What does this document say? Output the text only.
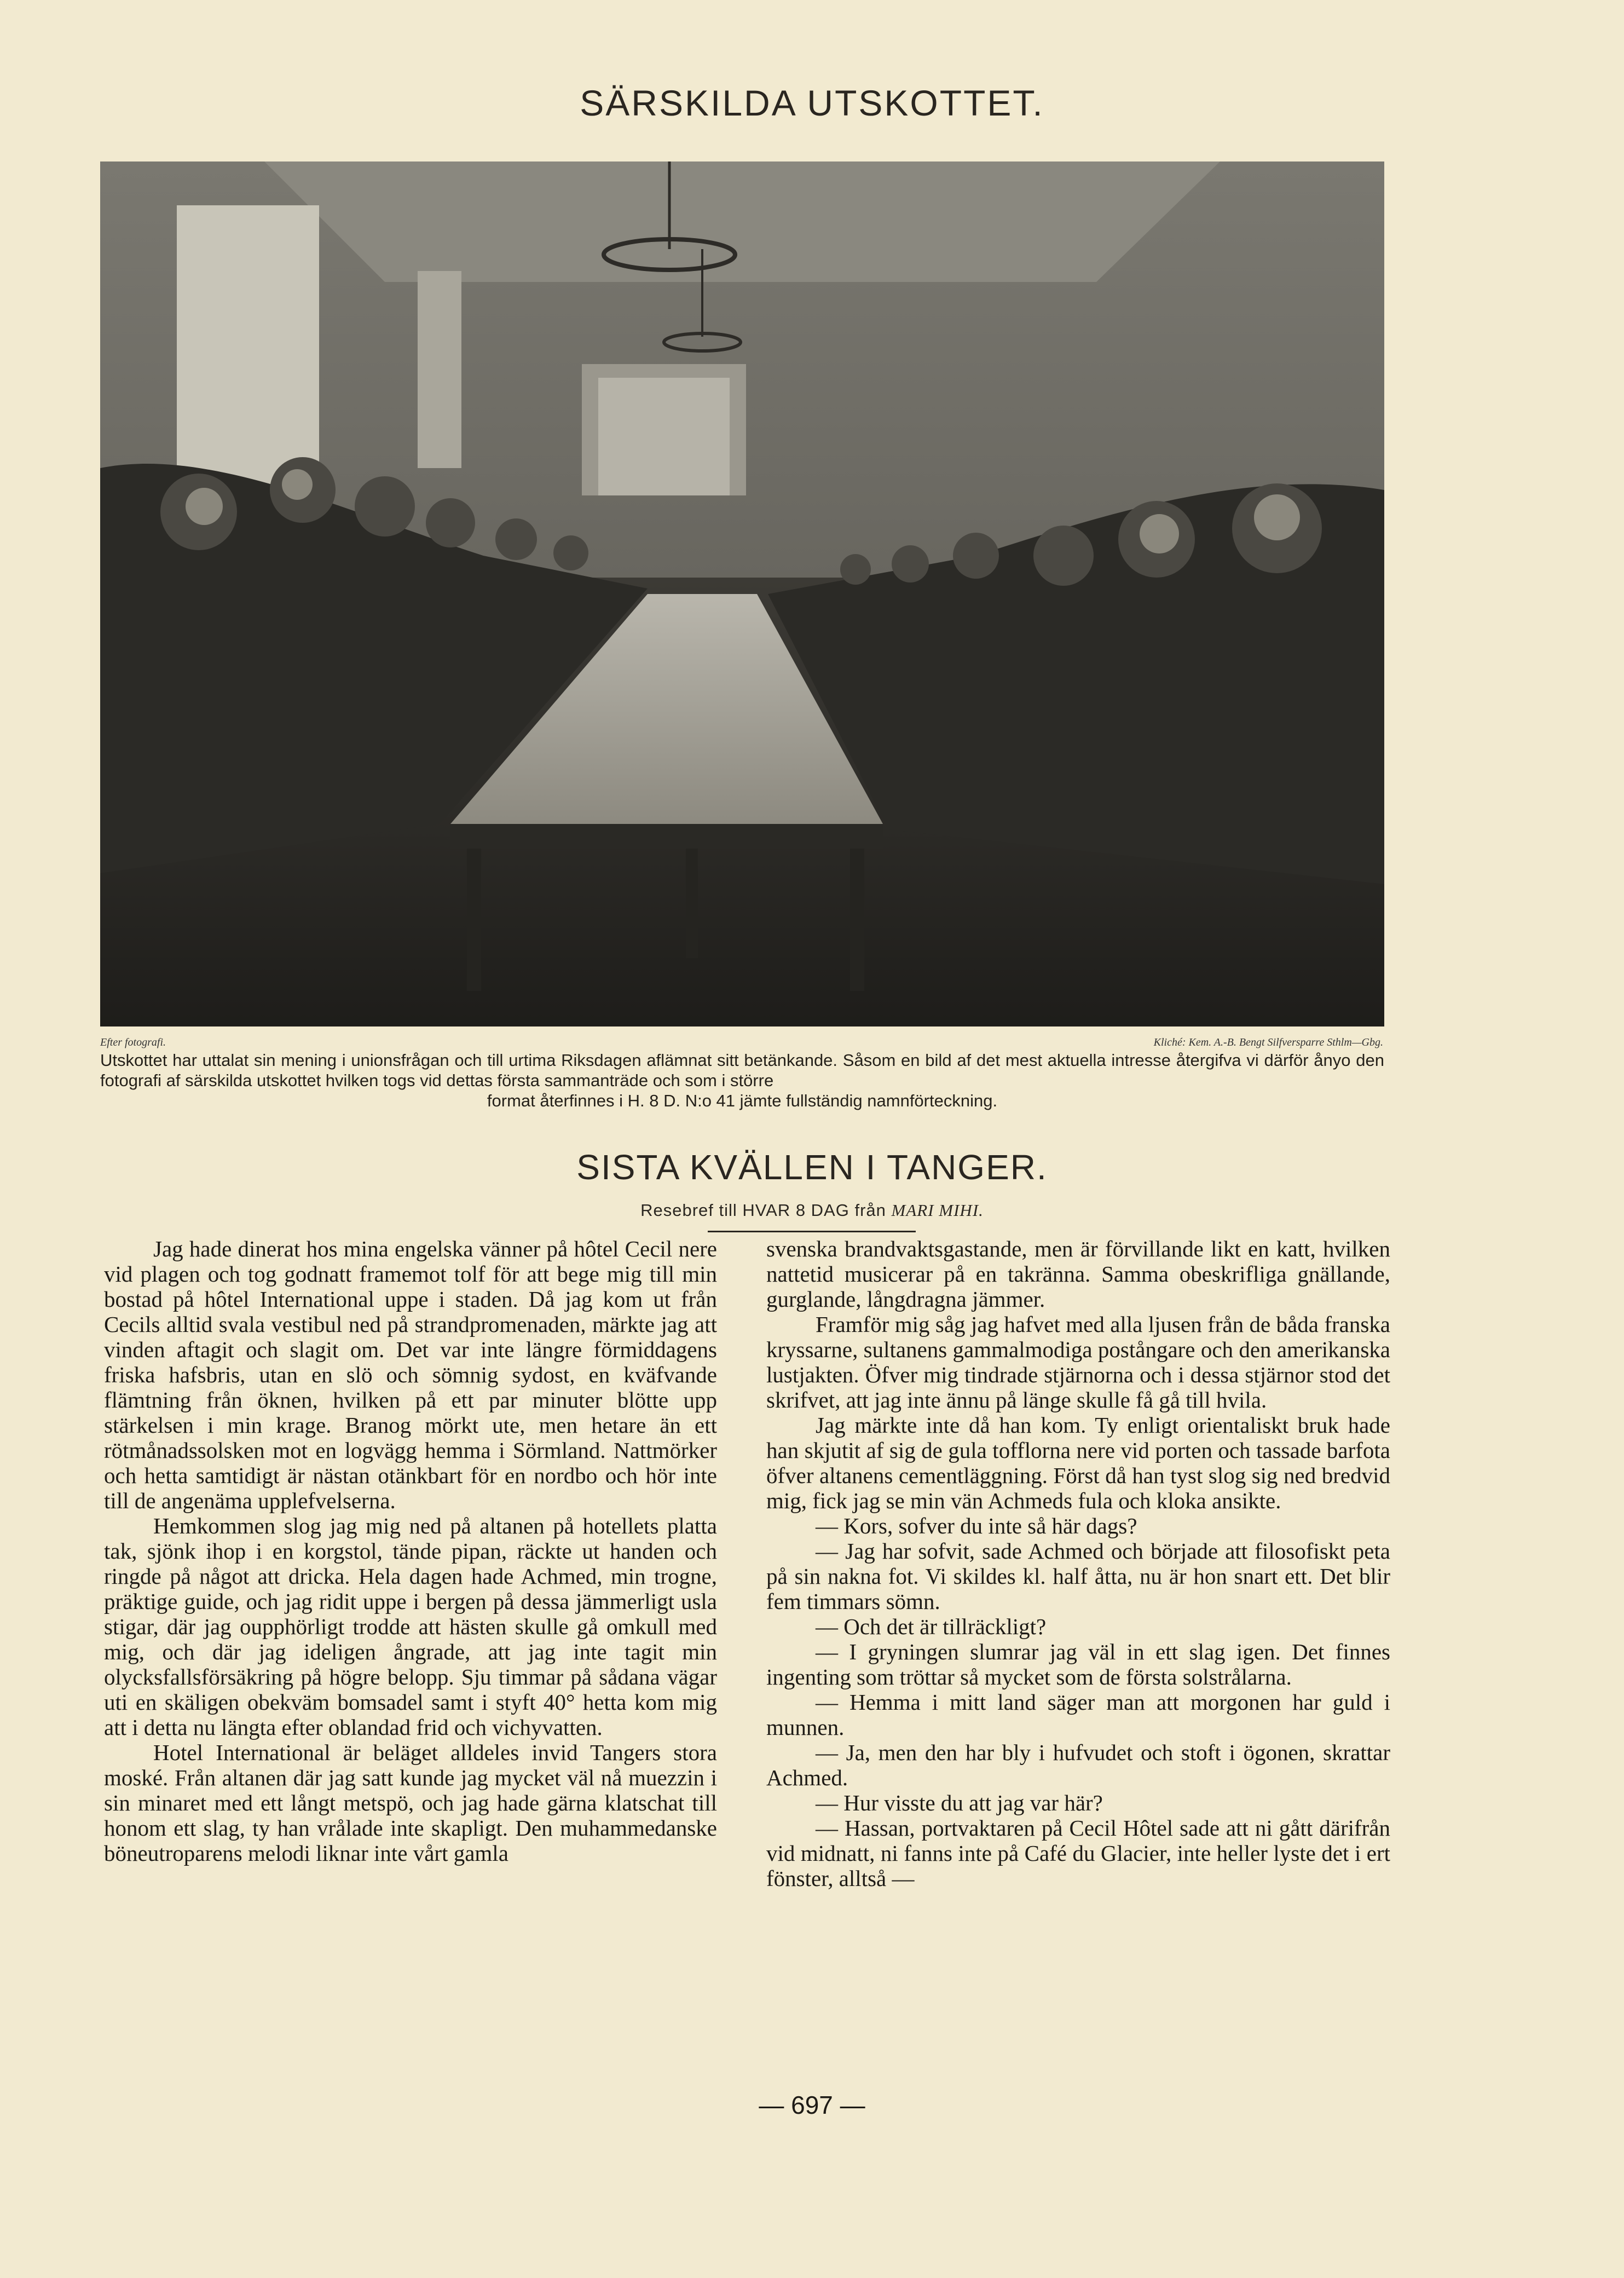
SÄRSKILDA UTSKOTTET.
Efter fotografi.	Kliché: Kem. A.-B. Bengt Silfversparre Sthlm—Gbg.
Utskottet har uttalat sin mening i unionsfrågan och till urtima Riksdagen aflämnat sitt betänkande. Såsom en bild af det mest aktuella intresse återgifva vi därför ånyo den fotografi af särskilda utskottet hvilken togs vid dettas första sammanträde och som i större
format återfinnes i H. 8 D. N:o 41 jämte fullständig namnförteckning.
SISTA KVÄLLEN I TANGER.
Resebref till HVAR 8 DAG från MARI MIHI.

Jag hade dinerat hos mina engelska vänner på hôtel Cecil nere vid plagen och tog godnatt framemot tolf för att bege mig till min bostad på hôtel International uppe i staden. Då jag kom ut från Cecils alltid svala vestibul ned på strandpromenaden, märkte jag att vinden aftagit och slagit om. Det var inte längre förmiddagens friska hafsbris, utan en slö och sömnig sydost, en kväfvande flämtning från öknen, hvilken på ett par minuter blötte upp stärkelsen i min krage. Branog mörkt ute, men hetare än ett rötmånadssolsken mot en logvägg hemma i Sörmland. Nattmörker och hetta samtidigt är nästan otänkbart för en nordbo och hör inte till de angenäma upplefvelserna.

Hemkommen slog jag mig ned på altanen på hotellets platta tak, sjönk ihop i en korgstol, tände pipan, räckte ut handen och ringde på något att dricka. Hela dagen hade Achmed, min trogne, präktige guide, och jag ridit uppe i bergen på dessa jämmerligt usla stigar, där jag oupphörligt trodde att hästen skulle gå omkull med mig, och där jag ideligen ångrade, att jag inte tagit min olycksfallsförsäkring på högre belopp. Sju timmar på sådana vägar uti en skäligen obekväm bomsadel samt i styft 40° hetta kom mig att i detta nu längta efter oblandad frid och vichyvatten.

Hotel International är beläget alldeles invid Tangers stora moské. Från altanen där jag satt kunde jag mycket väl nå muezzin i sin minaret med ett långt metspö, och jag hade gärna klatschat till honom ett slag, ty han vrålade inte skapligt. Den muhammedanske böneutroparens melodi liknar inte vårt gamla

svenska brandvaktsgastande, men är förvillande likt en katt, hvilken nattetid musicerar på en takränna. Samma obeskrifliga gnällande, gurglande, långdragna jämmer.

Framför mig såg jag hafvet med alla ljusen från de båda franska kryssarne, sultanens gammalmodiga postångare och den amerikanska lustjakten. Öfver mig tindrade stjärnorna och i dessa stjärnor stod det skrifvet, att jag inte ännu på länge skulle få gå till hvila.

Jag märkte inte då han kom. Ty enligt orientaliskt bruk hade han skjutit af sig de gula tofflorna nere vid porten och tassade barfota öfver altanens cementläggning. Först då han tyst slog sig ned bredvid mig, fick jag se min vän Achmeds fula och kloka ansikte.

— Kors, sofver du inte så här dags?

— Jag har sofvit, sade Achmed och började att filosofiskt peta på sin nakna fot. Vi skildes kl. half åtta, nu är hon snart ett. Det blir fem timmars sömn.

— Och det är tillräckligt?

— I gryningen slumrar jag väl in ett slag igen. Det finnes ingenting som tröttar så mycket som de första solstrålarna.

— Hemma i mitt land säger man att morgonen har guld i munnen.

— Ja, men den har bly i hufvudet och stoft i ögonen, skrattar Achmed.

— Hur visste du att jag var här?

— Hassan, portvaktaren på Cecil Hôtel sade att ni gått därifrån vid midnatt, ni fanns inte på Café du Glacier, inte heller lyste det i ert fönster, alltså —

— 697 —
